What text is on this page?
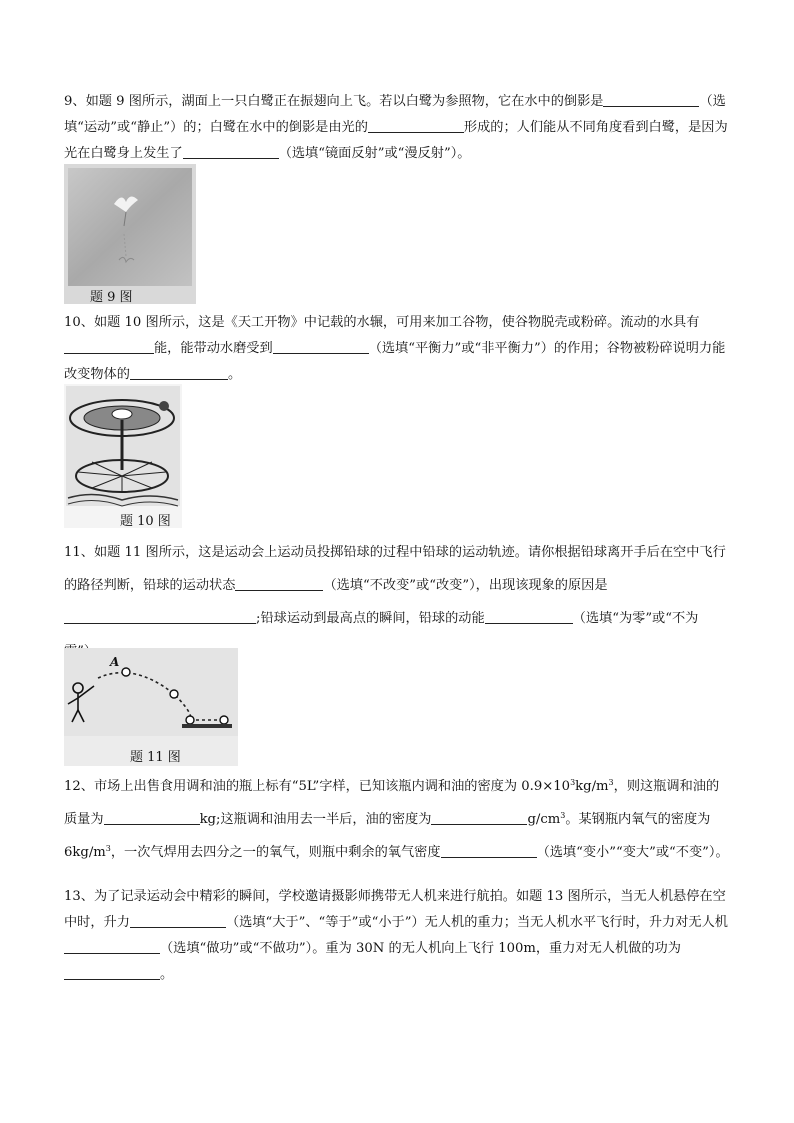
9、如题 9 图所示，湖面上一只白鹭正在振翅向上飞。若以白鹭为参照物，它在水中的倒影是	（选填“运动”或“静止”）的；白鹭在水中的倒影是由光的	形成的；人们能从不同角度看到白鹭，是因为光在白鹭身上发生了	（选填“镜面反射”或“漫反射”）。
题 9 图
10、如题 10 图所示，这是《天工开物》中记载的水辗，可用来加工谷物，使谷物脱壳或粉碎。流动的水具有能，能带动水磨受到	（选填“平衡力”或“非平衡力”）的作用；谷物被粉碎说明力能改变物体的	。
题 10 图
11、如题 11 图所示，这是运动会上运动员投掷铅球的过程中铅球的运动轨迹。请你根据铅球离开手后在空中飞行的路径判断，铅球的运动状态	（选填“不改变”或“改变”），出现该现象的原因是;铅球运动到最高点的瞬间，铅球的动能	（选填“为零”或“不为
A
题 11 图
12、市场上出售食用调和油的瓶上标有“5L”字样，已知该瓶内调和油的密度为 $0.9\times 10^3kg/m^3$，则这瓶调和油的质量为	kg;这瓶调和油用去一半后，油的密度为	$g/cm^3$。某钢瓶内氧气的密度为 $6kg/m^3$，一次气焊用去四分之一的氧气，则瓶中剩余的氧气密度	（选填“变小”“变大”或“不变”）。
13、为了记录运动会中精彩的瞬间，学校邀请摄影师携带无人机来进行航拍。如题 13 图所示，当无人机悬停在空中时，升力	（选填“大于”、“等于”或“小于”）无人机的重力；当无人机水平飞行时，升力对无人机（选填“做功”或“不做功”）。重为 30N 的无人机向上飞行 100m，重力对无人机做的功为。
